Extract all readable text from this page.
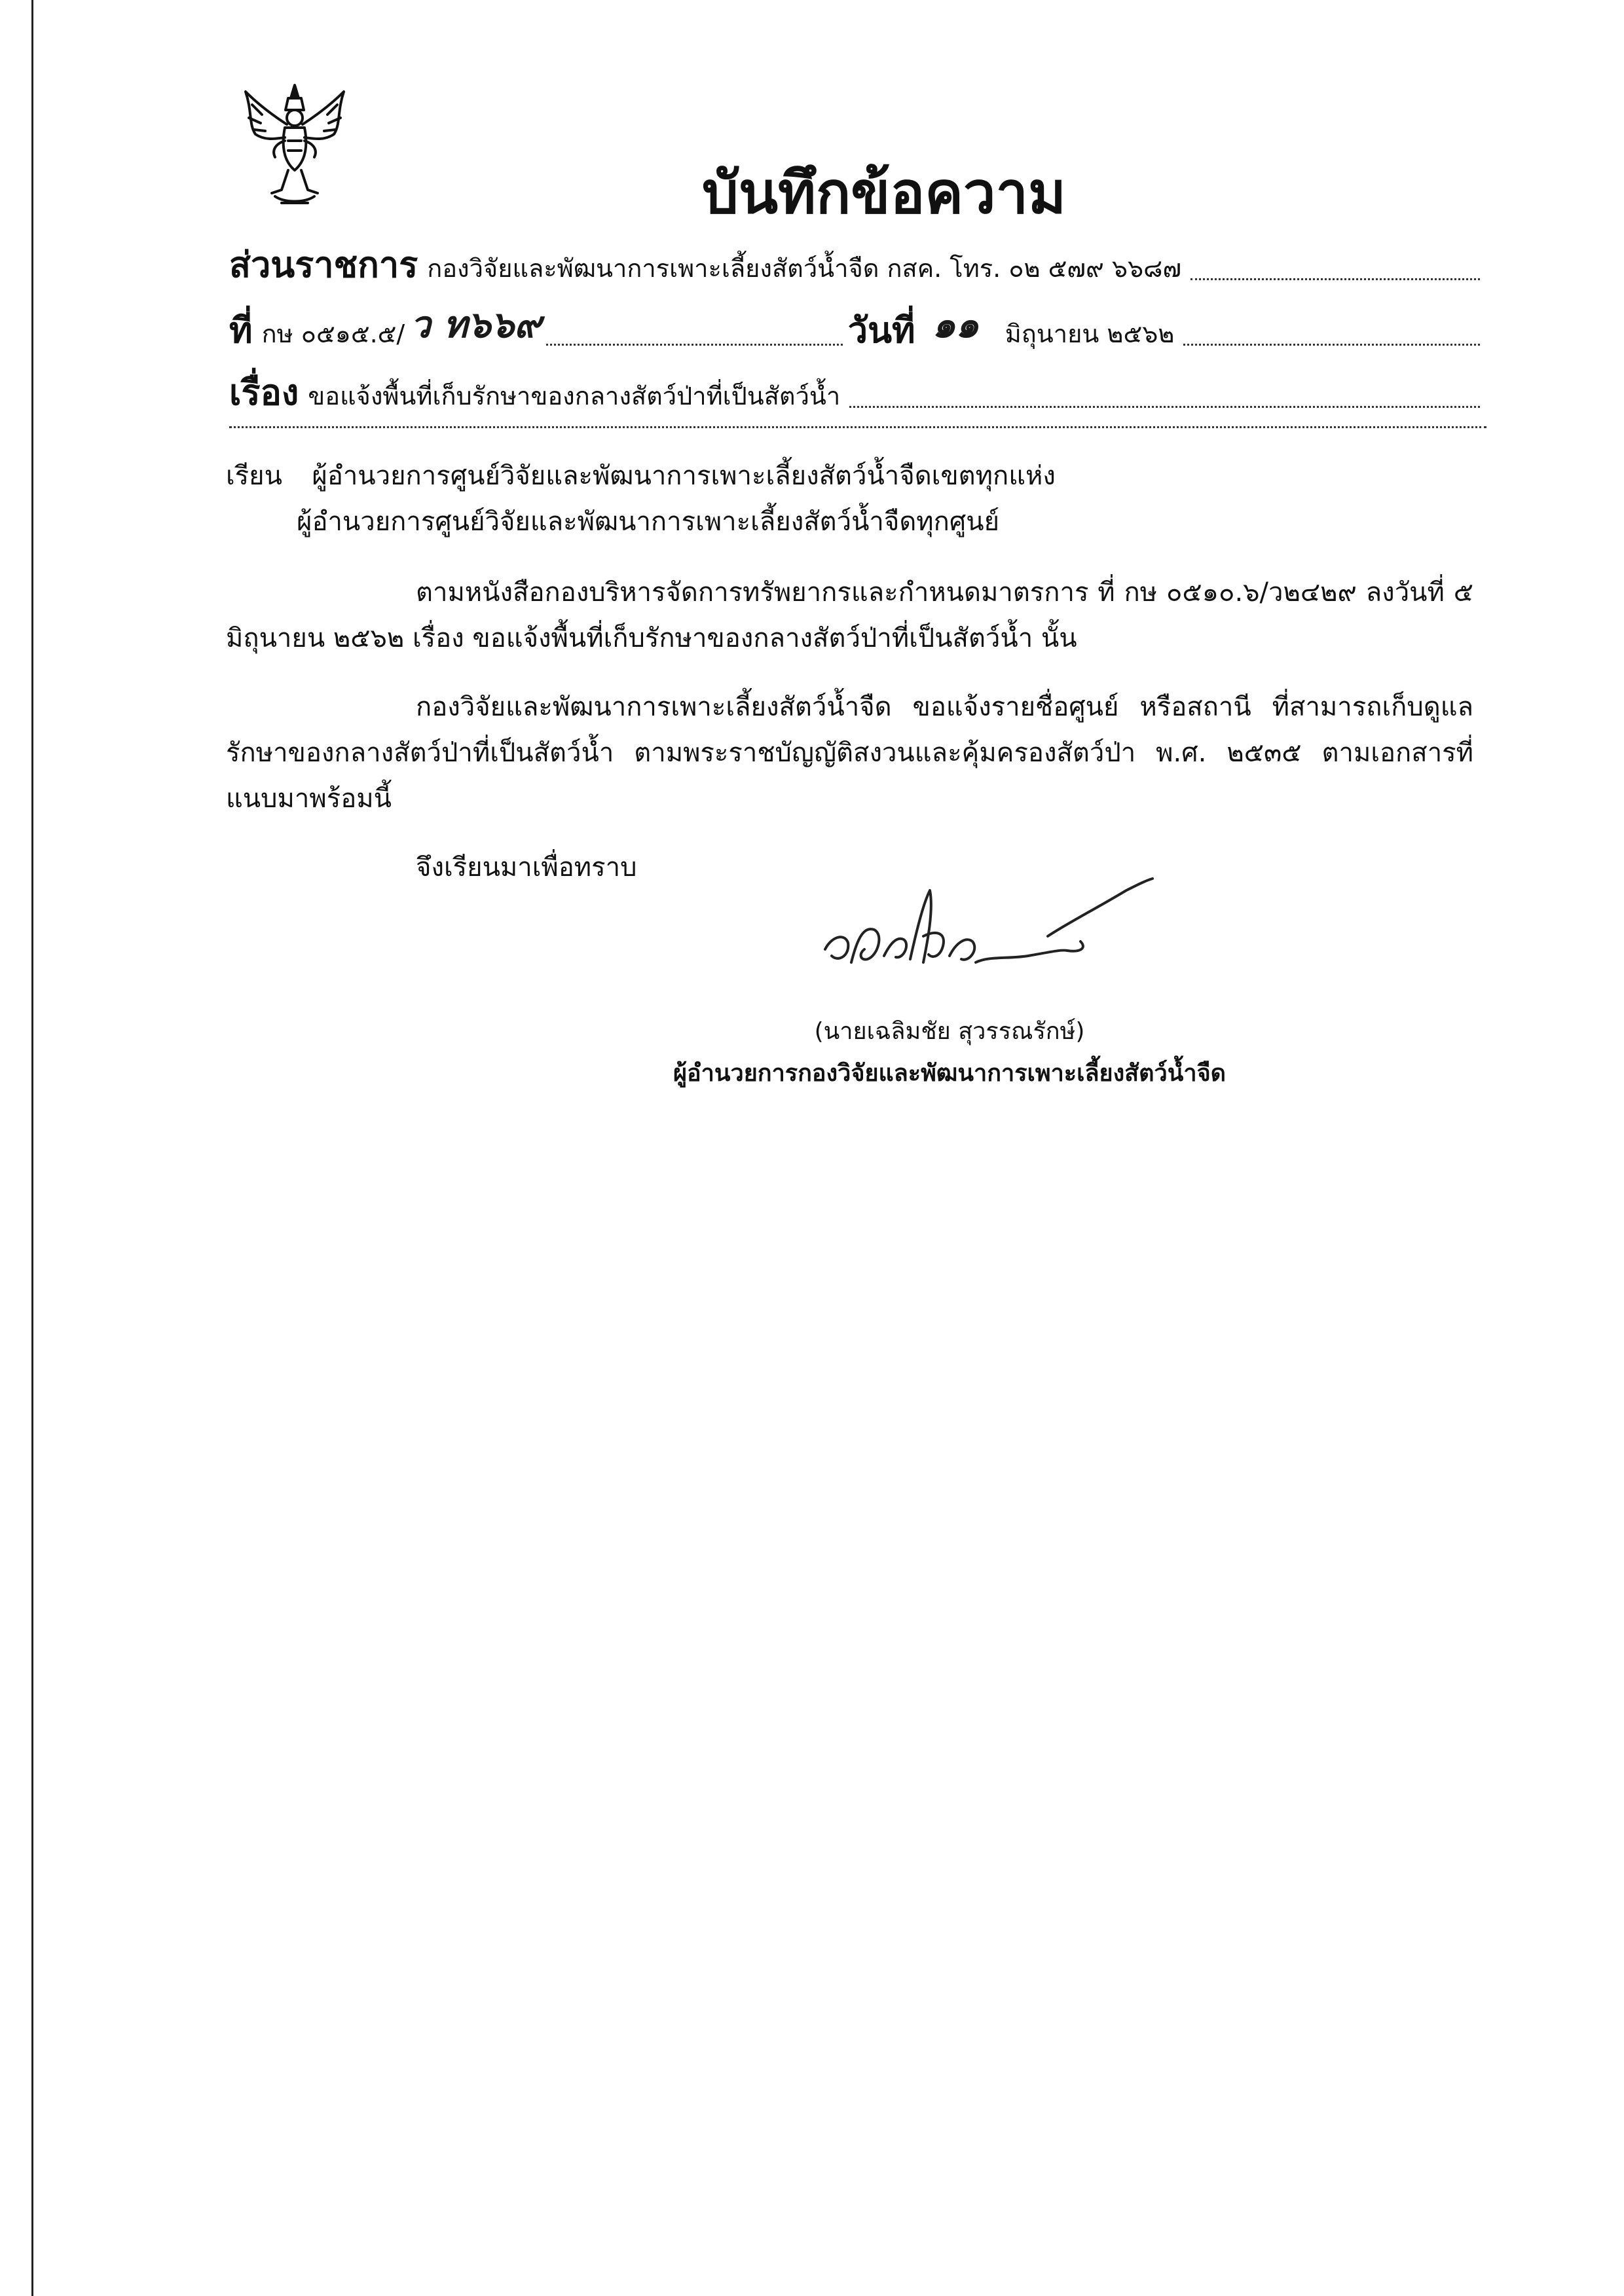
บันทึกข้อความ
ส่วนราชการ กองวิจัยและพัฒนาการเพาะเลี้ยงสัตว์น้ำจืด กสค. โทร. ๐๒ ๕๗๙ ๖๖๘๗
ที่ กษ ๐๕๑๕.๕/ ว ท๖๖๙	วันที่ ๑๑	มิถุนายน ๒๕๖๒
เรื่อง ขอแจ้งพื้นที่เก็บรักษาของกลางสัตว์ป่าที่เป็นสัตว์น้ำ
เรียน ผู้อำนวยการศูนย์วิจัยและพัฒนาการเพาะเลี้ยงสัตว์น้ำจืดเขตทุกแห่ง
ผู้อำนวยการศูนย์วิจัยและพัฒนาการเพาะเลี้ยงสัตว์น้ำจืดทุกศูนย์

ตามหนังสือกองบริหารจัดการทรัพยากรและกำหนดมาตรการ ที่ กษ ๐๕๑๐.๖/ว๒๔๒๙ ลงวันที่ ๕ มิถุนายน ๒๕๖๒ เรื่อง ขอแจ้งพื้นที่เก็บรักษาของกลางสัตว์ป่าที่เป็นสัตว์น้ำ นั้น

กองวิจัยและพัฒนาการเพาะเลี้ยงสัตว์น้ำจืด ขอแจ้งรายชื่อศูนย์ หรือสถานี ที่สามารถเก็บดูแลรักษาของกลางสัตว์ป่าที่เป็นสัตว์น้ำ ตามพระราชบัญญัติสงวนและคุ้มครองสัตว์ป่า พ.ศ. ๒๕๓๕ ตามเอกสารที่แนบมาพร้อมนี้

จึงเรียนมาเพื่อทราบ

(นายเฉลิมชัย สุวรรณรักษ์)
ผู้อำนวยการกองวิจัยและพัฒนาการเพาะเลี้ยงสัตว์น้ำจืด
